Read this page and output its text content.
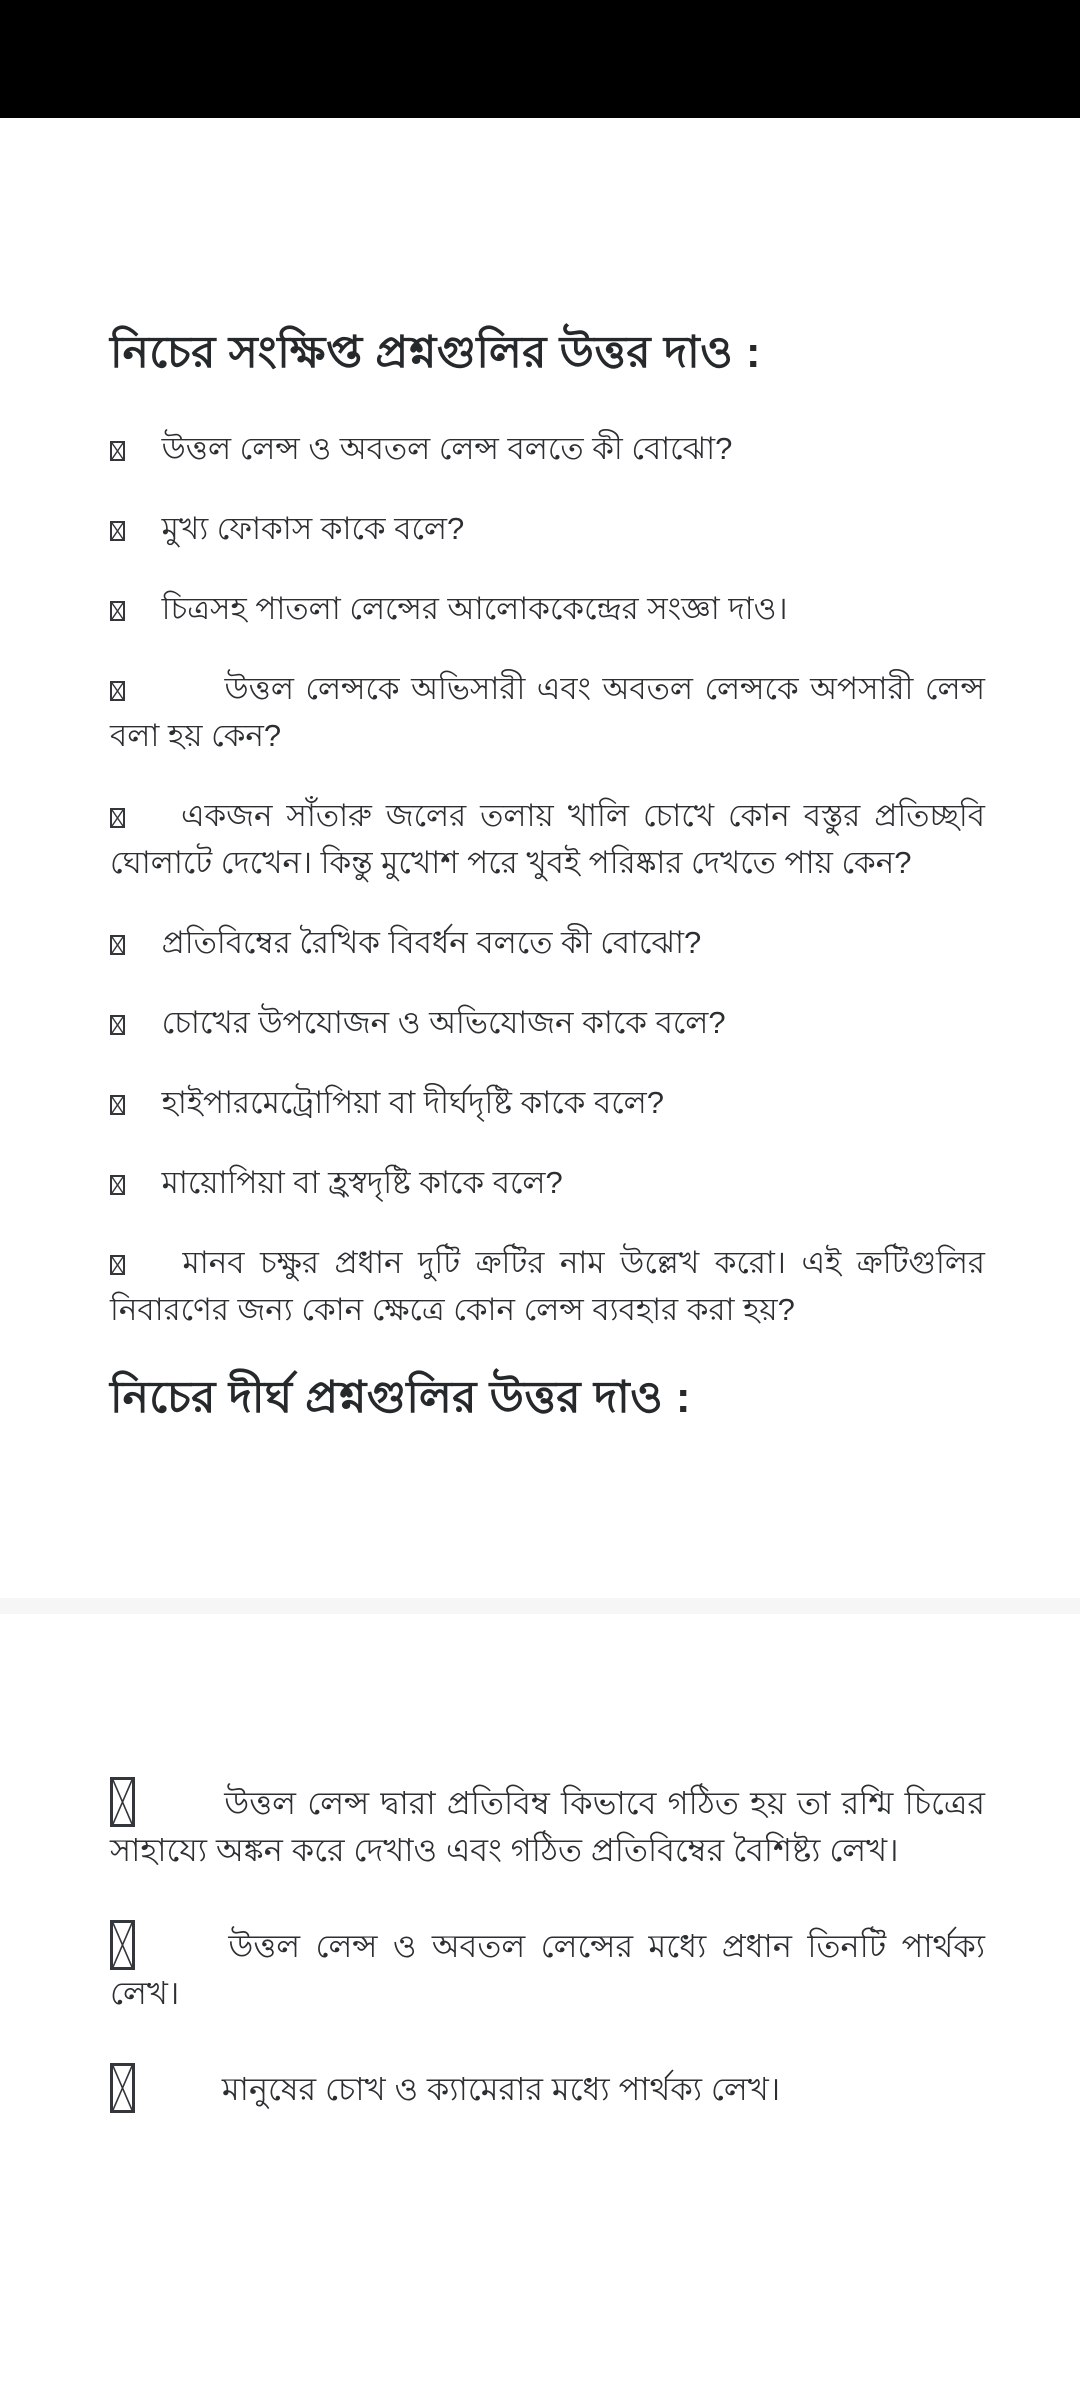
নিচের সংক্ষিপ্ত প্রশ্নগুলির উত্তর দাও :

উত্তল লেন্স ও অবতল লেন্স বলতে কী বোঝো?

মুখ্য ফোকাস কাকে বলে?

চিত্রসহ পাতলা লেন্সের আলোককেন্দ্রের সংজ্ঞা দাও।

উত্তল লেন্সকে অভিসারী এবং অবতল লেন্সকে অপসারী লেন্স বলা হয় কেন?

একজন সাঁতারু জলের তলায় খালি চোখে কোন বস্তুর প্রতিচ্ছবি ঘোলাটে দেখেন। কিন্তু মুখোশ পরে খুবই পরিষ্কার দেখতে পায় কেন?

প্রতিবিম্বের রৈখিক বিবর্ধন বলতে কী বোঝো?

চোখের উপযোজন ও অভিযোজন কাকে বলে?

হাইপারমেট্রোপিয়া বা দীর্ঘদৃষ্টি কাকে বলে?

মায়োপিয়া বা হ্রস্বদৃষ্টি কাকে বলে?

মানব চক্ষুর প্রধান দুটি ক্রটির নাম উল্লেখ করো। এই ক্রটিগুলির নিবারণের জন্য কোন ক্ষেত্রে কোন লেন্স ব্যবহার করা হয়?

নিচের দীর্ঘ প্রশ্নগুলির উত্তর দাও :

উত্তল লেন্স দ্বারা প্রতিবিম্ব কিভাবে গঠিত হয় তা রশ্মি চিত্রের সাহায্যে অঙ্কন করে দেখাও এবং গঠিত প্রতিবিম্বের বৈশিষ্ট্য লেখ।

উত্তল লেন্স ও অবতল লেন্সের মধ্যে প্রধান তিনটি পার্থক্য লেখ।

মানুষের চোখ ও ক্যামেরার মধ্যে পার্থক্য লেখ।
